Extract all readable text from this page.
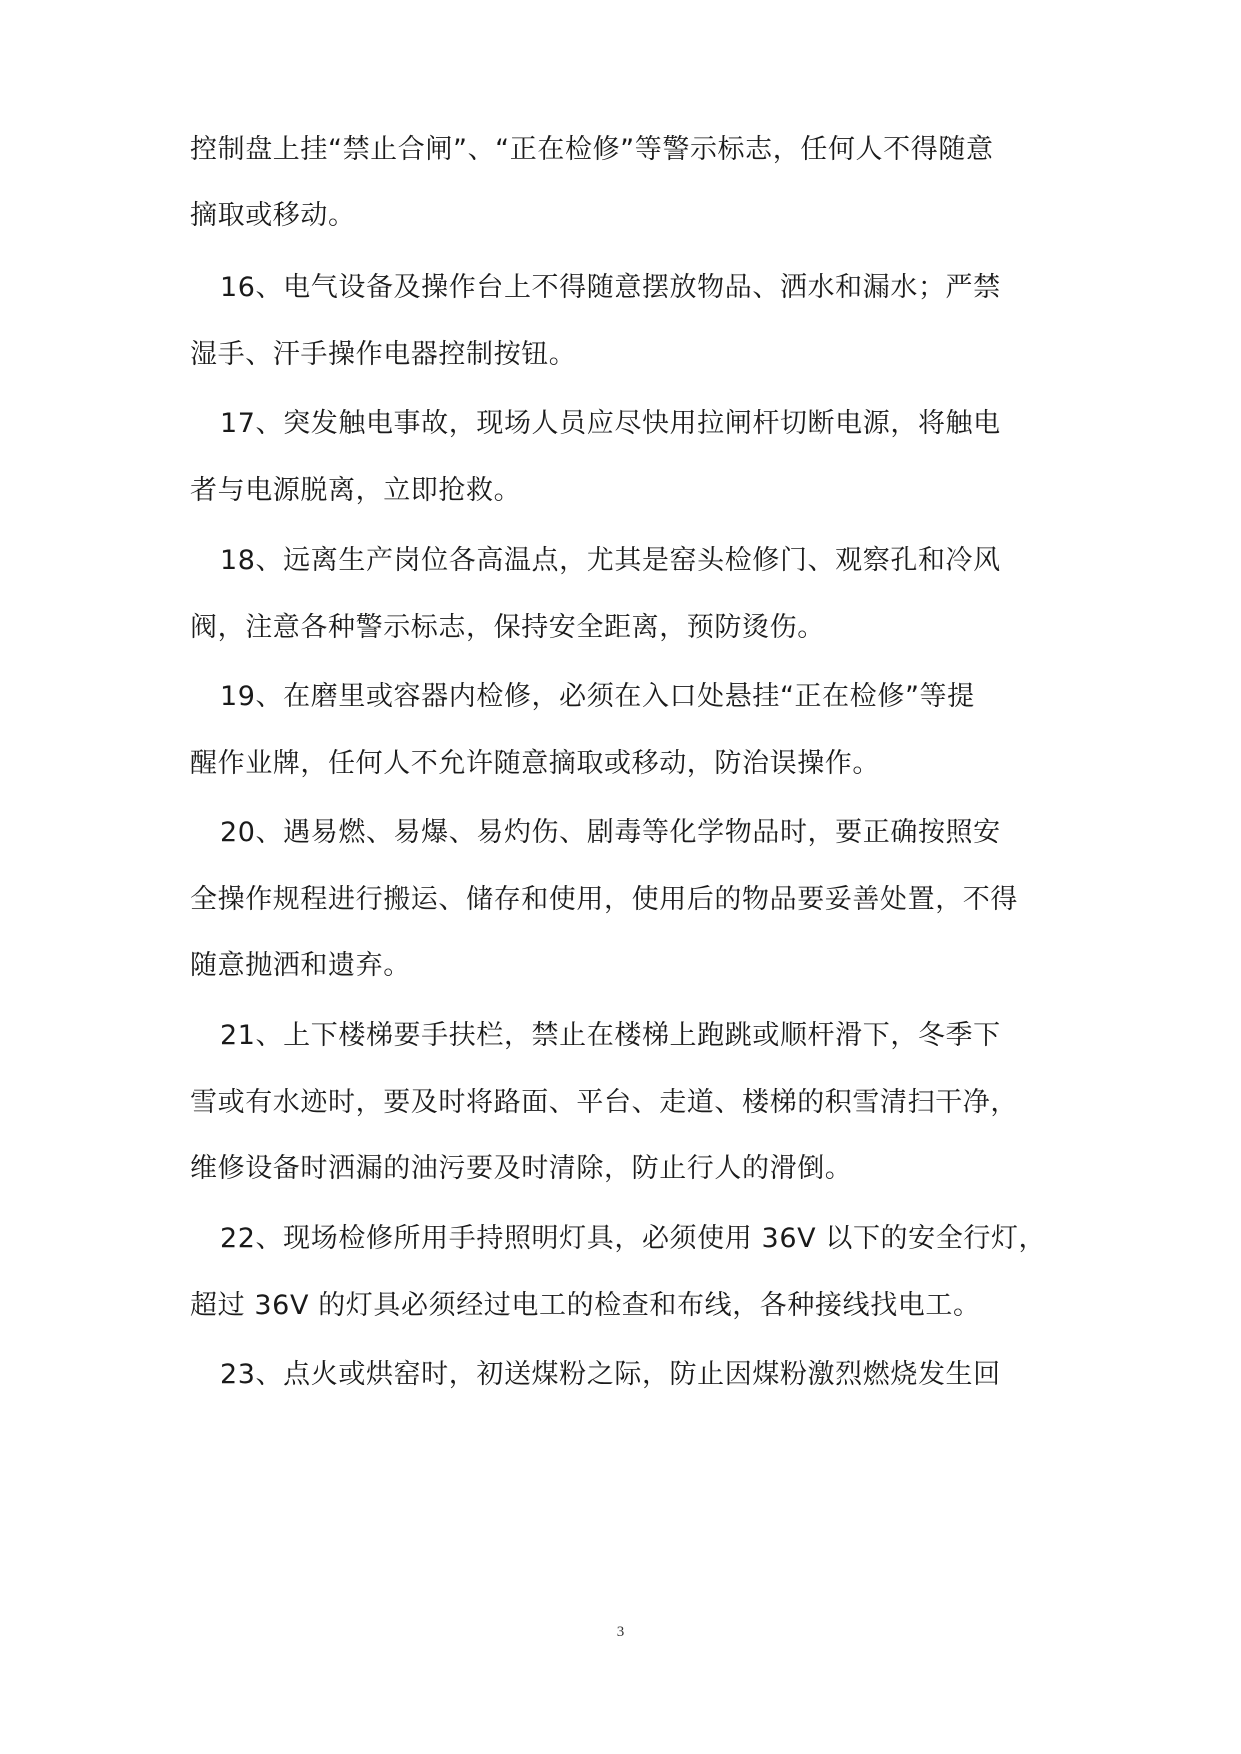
控制盘上挂“禁止合闸”、“正在检修”等警示标志，任何人不得随意
摘取或移动。
16、电气设备及操作台上不得随意摆放物品、洒水和漏水；严禁
湿手、汗手操作电器控制按钮。
17、突发触电事故，现场人员应尽快用拉闸杆切断电源，将触电
者与电源脱离，立即抢救。
18、远离生产岗位各高温点，尤其是窑头检修门、观察孔和冷风
阀，注意各种警示标志，保持安全距离，预防烫伤。
19、在磨里或容器内检修，必须在入口处悬挂“正在检修”等提
醒作业牌，任何人不允许随意摘取或移动，防治误操作。
20、遇易燃、易爆、易灼伤、剧毒等化学物品时，要正确按照安
全操作规程进行搬运、储存和使用，使用后的物品要妥善处置，不得
随意抛洒和遗弃。
21、上下楼梯要手扶栏，禁止在楼梯上跑跳或顺杆滑下，冬季下
雪或有水迹时，要及时将路面、平台、走道、楼梯的积雪清扫干净，
维修设备时洒漏的油污要及时清除，防止行人的滑倒。
22、现场检修所用手持照明灯具，必须使用 36V 以下的安全行灯，
超过 36V 的灯具必须经过电工的检查和布线，各种接线找电工。
23、点火或烘窑时，初送煤粉之际，防止因煤粉激烈燃烧发生回
3
